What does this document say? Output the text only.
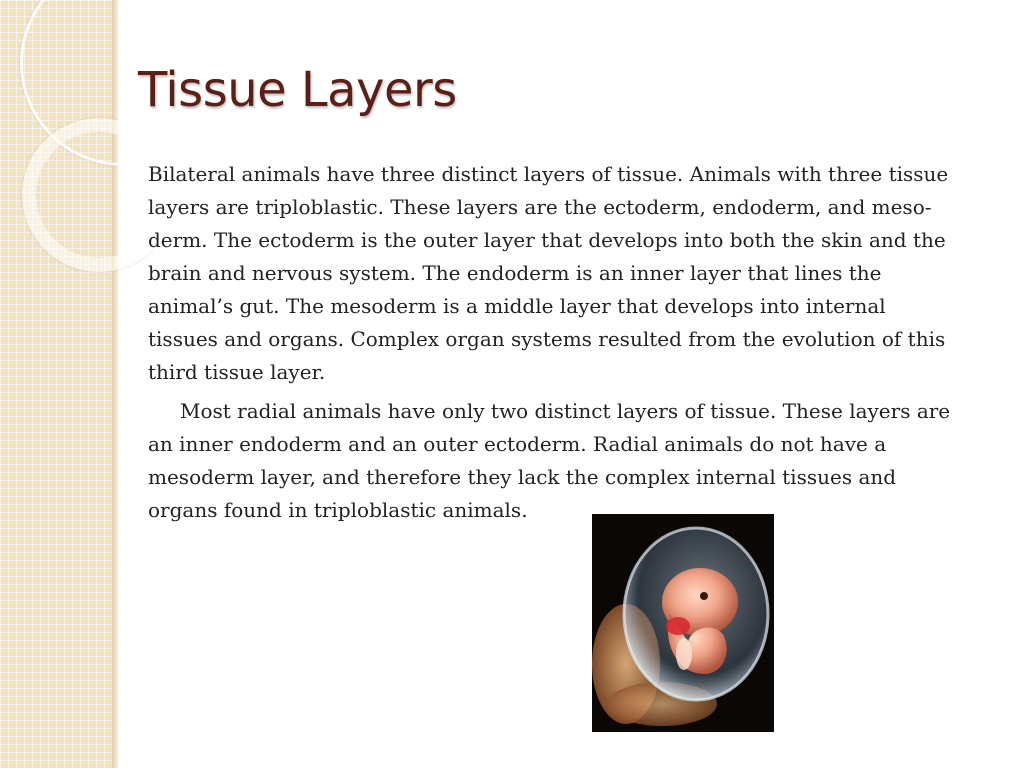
Tissue Layers
Bilateral animals have three distinct layers of tissue. Animals with three tissue
layers are triploblastic. These layers are the ectoderm, endoderm, and meso-
derm. The ectoderm is the outer layer that develops into both the skin and the
brain and nervous system. The endoderm is an inner layer that lines the
animal’s gut. The mesoderm is a middle layer that develops into internal
tissues and organs. Complex organ systems resulted from the evolution of this
third tissue layer.
Most radial animals have only two distinct layers of tissue. These layers are
an inner endoderm and an outer ectoderm. Radial animals do not have a
mesoderm layer, and therefore they lack the complex internal tissues and
organs found in triploblastic animals.
